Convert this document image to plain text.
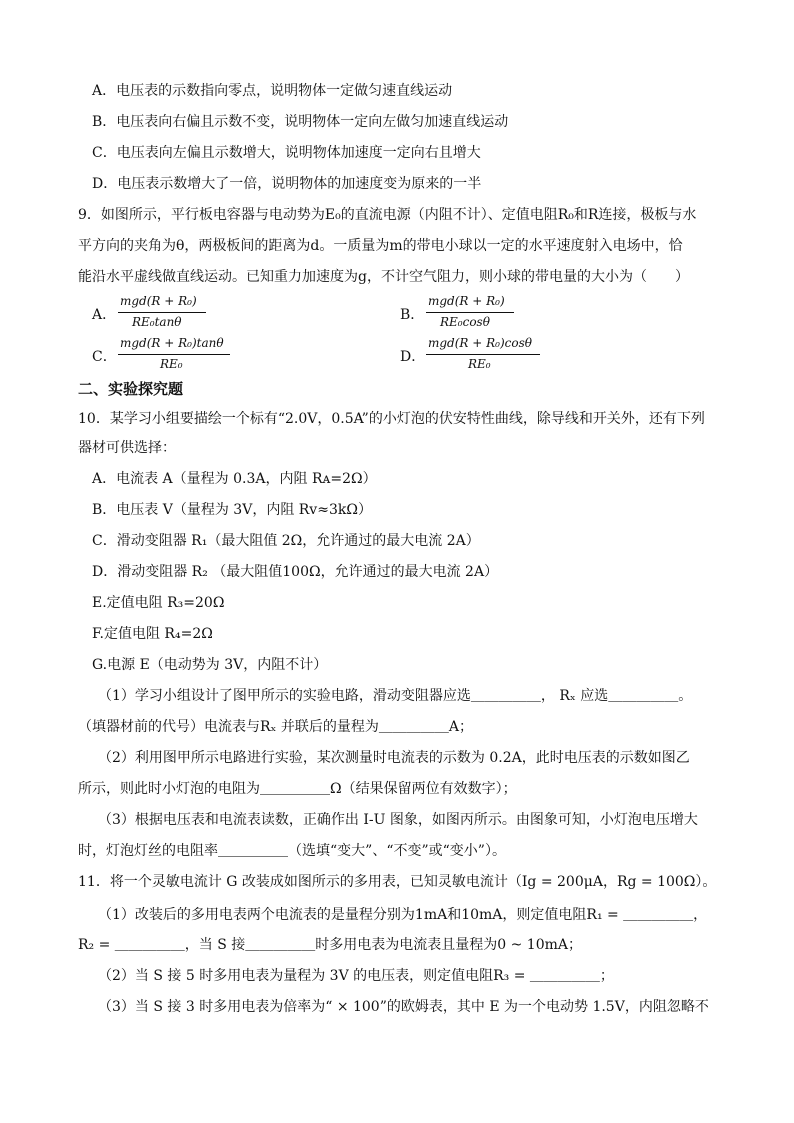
A．电压表的示数指向零点，说明物体一定做匀速直线运动
B．电压表向右偏且示数不变，说明物体一定向左做匀加速直线运动
C．电压表向左偏且示数增大，说明物体加速度一定向右且增大
D．电压表示数增大了一倍，说明物体的加速度变为原来的一半
9．如图所示，平行板电容器与电动势为E₀的直流电源（内阻不计）、定值电阻R₀和R连接，极板与水
平方向的夹角为θ，两极板间的距离为d。一质量为m的带电小球以一定的水平速度射入电场中，恰
能沿水平虚线做直线运动。已知重力加速度为g，不计空气阻力，则小球的带电量的大小为（　　）
A．
mgd(R + R₀)
RE₀tanθ	B．
mgd(R + R₀)
RE₀cosθ
C．
mgd(R + R₀)tanθ
RE₀	D．
mgd(R + R₀)cosθ
RE₀
二、实验探究题
10．某学习小组要描绘一个标有“2.0V，0.5A”的小灯泡的伏安特性曲线，除导线和开关外，还有下列
器材可供选择：
A．电流表 A（量程为 0.3A，内阻 Rᴀ=2Ω）
B．电压表 V（量程为 3V，内阻 Rᴠ≈3kΩ）
C．滑动变阻器 R₁（最大阻值 2Ω，允许通过的最大电流 2A）
D．滑动变阻器 R₂ （最大阻值100Ω，允许通过的最大电流 2A）
E.定值电阻 R₃=20Ω
F.定值电阻 R₄=2Ω
G.电源 E（电动势为 3V，内阻不计）
（1）学习小组设计了图甲所示的实验电路，滑动变阻器应选＿＿＿＿＿， Rₓ 应选＿＿＿＿＿。
（填器材前的代号）电流表与Rₓ 并联后的量程为＿＿＿＿＿A；
（2）利用图甲所示电路进行实验，某次测量时电流表的示数为 0.2A，此时电压表的示数如图乙
所示，则此时小灯泡的电阻为＿＿＿＿＿Ω（结果保留两位有效数字）；
（3）根据电压表和电流表读数，正确作出 I-U 图象，如图丙所示。由图象可知，小灯泡电压增大
时，灯泡灯丝的电阻率＿＿＿＿＿（选填“变大”、“不变”或“变小”）。
11．将一个灵敏电流计 G 改装成如图所示的多用表，已知灵敏电流计（Ig = 200μA，Rg = 100Ω）。
（1）改装后的多用电表两个电流表的是量程分别为1mA和10mA，则定值电阻R₁ = ＿＿＿＿＿，
R₂ = ＿＿＿＿＿，当 S 接＿＿＿＿＿时多用电表为电流表且量程为0 ~ 10mA；
（2）当 S 接 5 时多用电表为量程为 3V 的电压表，则定值电阻R₃ = ＿＿＿＿＿；
（3）当 S 接 3 时多用电表为倍率为“ × 100”的欧姆表，其中 E 为一个电动势 1.5V，内阻忽略不
